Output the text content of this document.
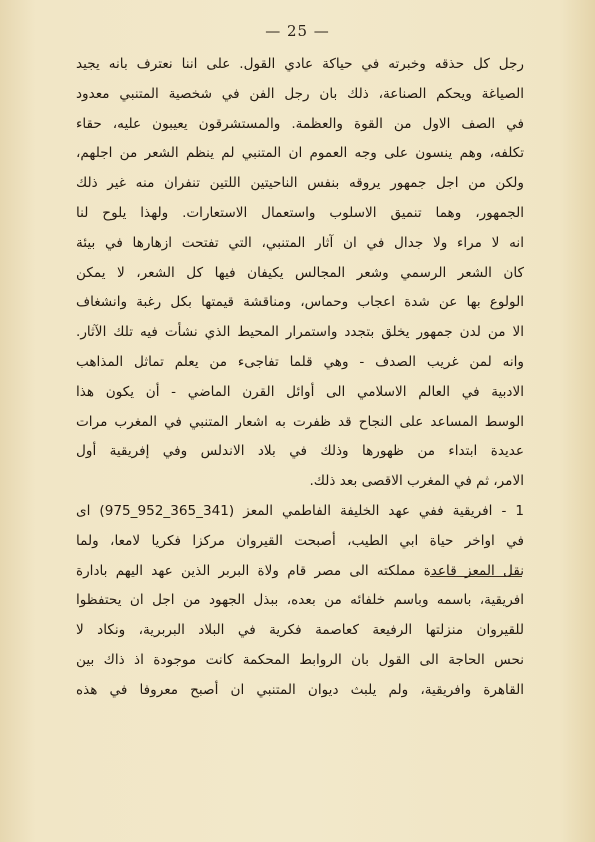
— 25 —
رجل كل حذقه وخبرته في حياكة عادي القول. على اننا نعترف بانه يجيد
الصياغة ويحكم الصناعة، ذلك بان رجل الفن في شخصية المتنبي معدود
في الصف الاول من القوة والعظمة. والمستشرقون يعيبون عليه، حقاء
تكلفه، وهم ينسون على وجه العموم ان المتنبي لم ينظم الشعر من اجلهم،
ولكن من اجل جمهور يروقه بنفس الناحيتين اللتين تنفران منه غير ذلك
الجمهور، وهما تنميق الاسلوب واستعمال الاستعارات. ولهذا يلوح لنا
انه لا مراء ولا جدال في ان آثار المتنبي، التي تفتحت ازهارها في بيئة
كان الشعر الرسمي وشعر المجالس يكيفان فيها كل الشعر، لا يمكن
الولوع بها عن شدة اعجاب وحماس، ومناقشة قيمتها بكل رغبة وانشغاف
الا من لدن جمهور يخلق بتجدد واستمرار المحيط الذي نشأت فيه تلك الآثار.
وانه لمن غريب الصدف - وهي قلما تفاجىء من يعلم تماثل المذاهب
الادبية في العالم الاسلامي الى أوائل القرن الماضي - أن يكون هذا
الوسط المساعد على النجاح قد ظفرت به اشعار المتنبي في المغرب مرات
عديدة ابتداء من ظهورها وذلك في بلاد الاندلس وفي إفريقية أول
الامر، ثم في المغرب الاقصى بعد ذلك.
1 - افريقية ففي عهد الخليفة الفاطمي المعز (341_365_952_975) اى
في اواخر حياة ابي الطيب، أصبحت القيروان مركزا فكريا لامعا، ولما
نقل المعز قاعدة مملكته الى مصر قام ولاة البربر الذين عهد اليهم بادارة
افريقية، باسمه وباسم خلفائه من بعده، ببذل الجهود من اجل ان يحتفظوا
للقيروان منزلتها الرفيعة كعاصمة فكرية في البلاد البربرية، ونكاد لا
نحس الحاجة الى القول بان الروابط المحكمة كانت موجودة اذ ذاك بين
القاهرة وافريقية، ولم يلبث ديوان المتنبي ان أصبح معروفا في هذه
